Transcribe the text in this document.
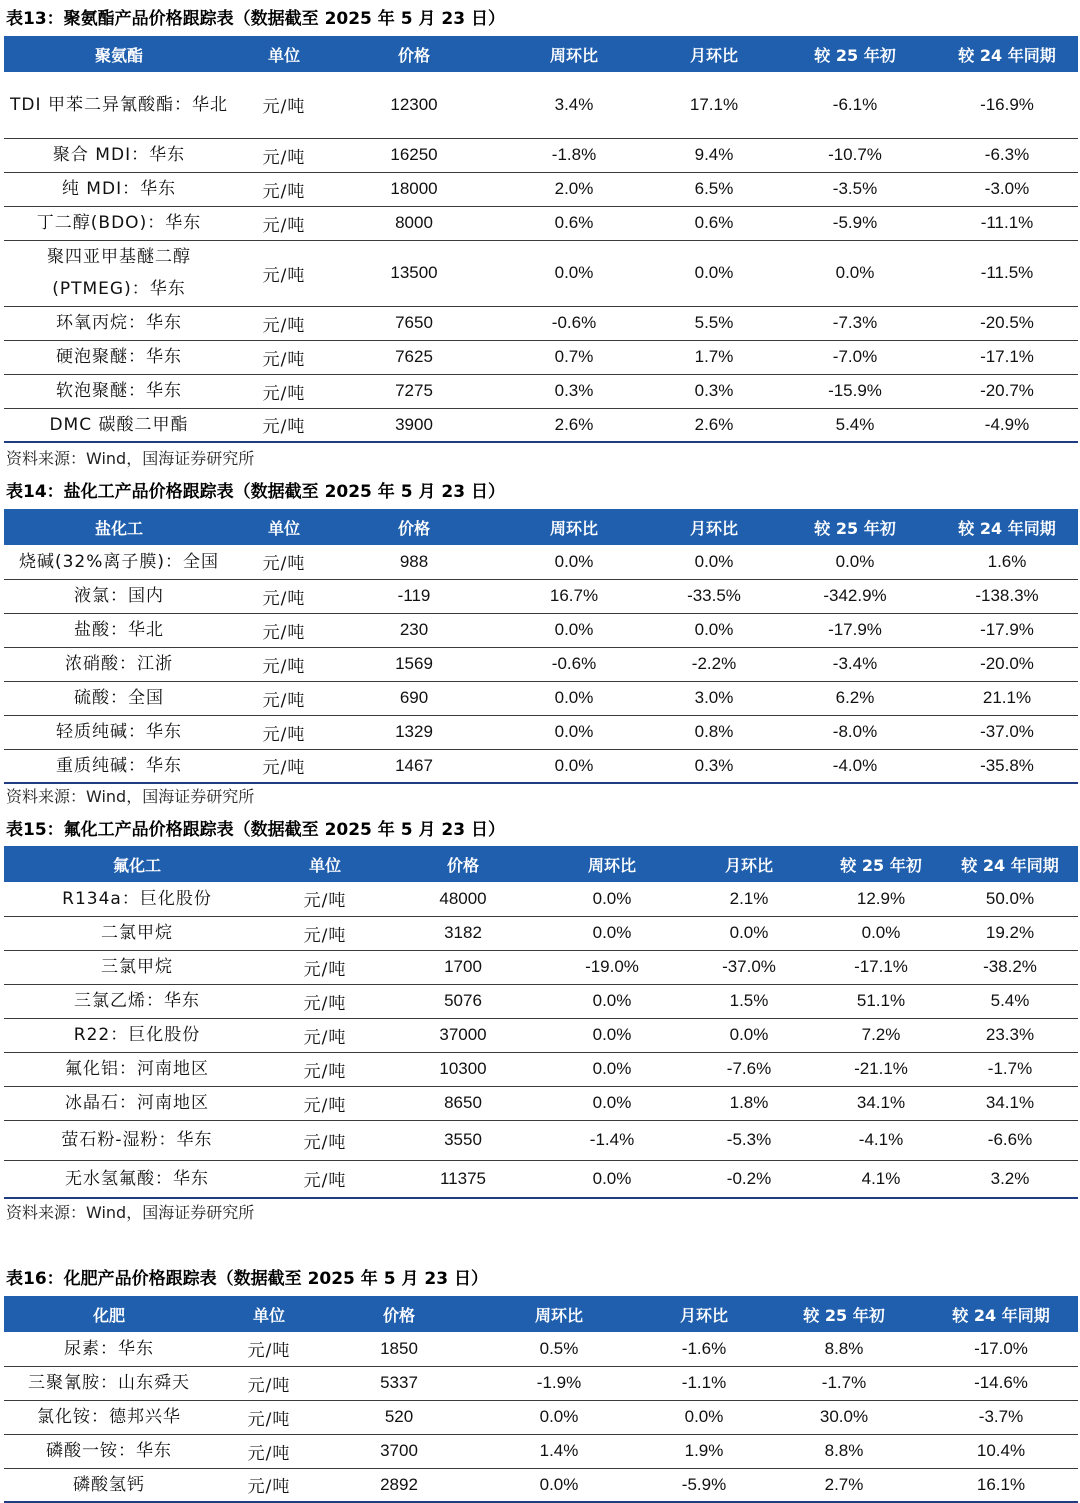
表13：聚氨酯产品价格跟踪表（数据截至 2025 年 5 月 23 日）
聚氨酯	单位	价格	周环比	月环比	较 25 年初	较 24 年同期
TDI 甲苯二异氰酸酯：华北	元/吨	12300	3.4%	17.1%	-6.1%	-16.9%
聚合 MDI：华东	元/吨	16250	-1.8%	9.4%	-10.7%	-6.3%
纯 MDI：华东	元/吨	18000	2.0%	6.5%	-3.5%	-3.0%
丁二醇(BDO)：华东	元/吨	8000	0.6%	0.6%	-5.9%	-11.1%
聚四亚甲基醚二醇(PTMEG)：华东	元/吨	13500	0.0%	0.0%	0.0%	-11.5%
环氧丙烷：华东	元/吨	7650	-0.6%	5.5%	-7.3%	-20.5%
硬泡聚醚：华东	元/吨	7625	0.7%	1.7%	-7.0%	-17.1%
软泡聚醚：华东	元/吨	7275	0.3%	0.3%	-15.9%	-20.7%
DMC 碳酸二甲酯	元/吨	3900	2.6%	2.6%	5.4%	-4.9%
资料来源：Wind，国海证券研究所
表14：盐化工产品价格跟踪表（数据截至 2025 年 5 月 23 日）
盐化工	单位	价格	周环比	月环比	较 25 年初	较 24 年同期
烧碱(32%离子膜)：全国	元/吨	988	0.0%	0.0%	0.0%	1.6%
液氯：国内	元/吨	-119	16.7%	-33.5%	-342.9%	-138.3%
盐酸：华北	元/吨	230	0.0%	0.0%	-17.9%	-17.9%
浓硝酸：江浙	元/吨	1569	-0.6%	-2.2%	-3.4%	-20.0%
硫酸：全国	元/吨	690	0.0%	3.0%	6.2%	21.1%
轻质纯碱：华东	元/吨	1329	0.0%	0.8%	-8.0%	-37.0%
重质纯碱：华东	元/吨	1467	0.0%	0.3%	-4.0%	-35.8%
资料来源：Wind，国海证券研究所
表15：氟化工产品价格跟踪表（数据截至 2025 年 5 月 23 日）
氟化工	单位	价格	周环比	月环比	较 25 年初	较 24 年同期
R134a：巨化股份	元/吨	48000	0.0%	2.1%	12.9%	50.0%
二氯甲烷	元/吨	3182	0.0%	0.0%	0.0%	19.2%
三氯甲烷	元/吨	1700	-19.0%	-37.0%	-17.1%	-38.2%
三氯乙烯：华东	元/吨	5076	0.0%	1.5%	51.1%	5.4%
R22：巨化股份	元/吨	37000	0.0%	0.0%	7.2%	23.3%
氟化铝：河南地区	元/吨	10300	0.0%	-7.6%	-21.1%	-1.7%
冰晶石：河南地区	元/吨	8650	0.0%	1.8%	34.1%	34.1%
萤石粉-湿粉：华东	元/吨	3550	-1.4%	-5.3%	-4.1%	-6.6%
无水氢氟酸：华东	元/吨	11375	0.0%	-0.2%	4.1%	3.2%
资料来源：Wind，国海证券研究所
表16：化肥产品价格跟踪表（数据截至 2025 年 5 月 23 日）
化肥	单位	价格	周环比	月环比	较 25 年初	较 24 年同期
尿素：华东	元/吨	1850	0.5%	-1.6%	8.8%	-17.0%
三聚氰胺：山东舜天	元/吨	5337	-1.9%	-1.1%	-1.7%	-14.6%
氯化铵：德邦兴华	元/吨	520	0.0%	0.0%	30.0%	-3.7%
磷酸一铵：华东	元/吨	3700	1.4%	1.9%	8.8%	10.4%
磷酸氢钙	元/吨	2892	0.0%	-5.9%	2.7%	16.1%
